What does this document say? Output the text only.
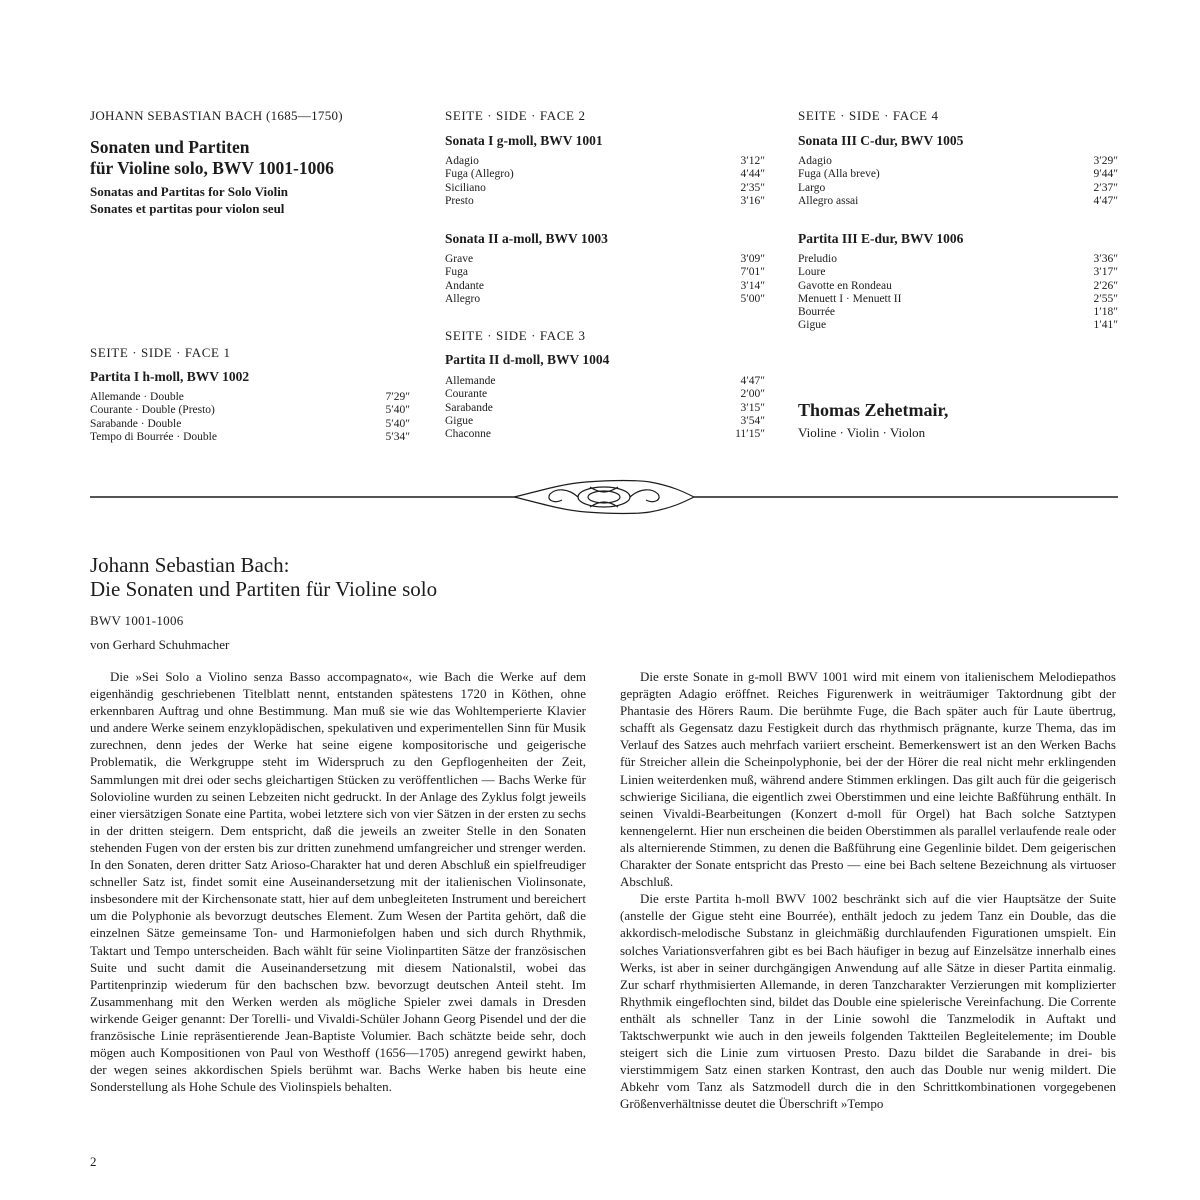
JOHANN SEBASTIAN BACH (1685—1750)
Sonaten und Partiten
für Violine solo, BWV 1001-1006
Sonatas and Partitas for Solo Violin
Sonates et partitas pour violon seul
SEITE · SIDE · FACE 1
Partita I h-moll, BWV 1002
Allemande · Double	7′29″
Courante · Double (Presto)	5′40″
Sarabande · Double	5′40″
Tempo di Bourrée · Double	5′34″
SEITE · SIDE · FACE 2
Sonata I g-moll, BWV 1001
Adagio	3′12″
Fuga (Allegro)	4′44″
Siciliano	2′35″
Presto	3′16″
Sonata II a-moll, BWV 1003
Grave	3′09″
Fuga	7′01″
Andante	3′14″
Allegro	5′00″
SEITE · SIDE · FACE 3
Partita II d-moll, BWV 1004
Allemande	4′47″
Courante	2′00″
Sarabande	3′15″
Gigue	3′54″
Chaconne	11′15″
SEITE · SIDE · FACE 4
Sonata III C-dur, BWV 1005
Adagio	3′29″
Fuga (Alla breve)	9′44″
Largo	2′37″
Allegro assai	4′47″
Partita III E-dur, BWV 1006
Preludio	3′36″
Loure	3′17″
Gavotte en Rondeau	2′26″
Menuett I · Menuett II	2′55″
Bourrée	1′18″
Gigue	1′41″
Thomas Zehetmair,
Violine · Violin · Violon
Johann Sebastian Bach:
Die Sonaten und Partiten für Violine solo
BWV 1001-1006
von Gerhard Schuhmacher

Die »Sei Solo a Violino senza Basso accompagnato«, wie Bach die Werke auf dem eigenhändig geschriebenen Titelblatt nennt, entstanden spätestens 1720 in Köthen, ohne erkennbaren Auftrag und ohne Bestimmung. Man muß sie wie das Wohltemperierte Klavier und andere Werke seinem enzyklopädischen, spekulativen und experimentellen Sinn für Musik zurechnen, denn jedes der Werke hat seine eigene kompositorische und geigerische Problematik, die Werkgruppe steht im Widerspruch zu den Gepflogenheiten der Zeit, Sammlungen mit drei oder sechs gleichartigen Stücken zu veröffentlichen — Bachs Werke für Solovioline wurden zu seinen Lebzeiten nicht gedruckt. In der Anlage des Zyklus folgt jeweils einer viersätzigen Sonate eine Partita, wobei letztere sich von vier Sätzen in der ersten zu sechs in der dritten steigern. Dem entspricht, daß die jeweils an zweiter Stelle in den Sonaten stehenden Fugen von der ersten bis zur dritten zunehmend umfangreicher und strenger werden. In den Sonaten, deren dritter Satz Arioso-Charakter hat und deren Abschluß ein spielfreudiger schneller Satz ist, findet somit eine Auseinandersetzung mit der italienischen Violinsonate, insbesondere mit der Kirchensonate statt, hier auf dem unbegleiteten Instrument und bereichert um die Polyphonie als bevorzugt deutsches Element. Zum Wesen der Partita gehört, daß die einzelnen Sätze gemeinsame Ton- und Harmoniefolgen haben und sich durch Rhythmik, Taktart und Tempo unterscheiden. Bach wählt für seine Violinpartiten Sätze der französischen Suite und sucht damit die Auseinandersetzung mit diesem Nationalstil, wobei das Partitenprinzip wiederum für den bachschen bzw. bevorzugt deutschen Anteil steht. Im Zusammenhang mit den Werken werden als mögliche Spieler zwei damals in Dresden wirkende Geiger genannt: Der Torelli- und Vivaldi-Schüler Johann Georg Pisendel und der die französische Linie repräsentierende Jean-Baptiste Volumier. Bach schätzte beide sehr, doch mögen auch Kompositionen von Paul von Westhoff (1656—1705) anregend gewirkt haben, der wegen seines akkordischen Spiels berühmt war. Bachs Werke haben bis heute eine Sonderstellung als Hohe Schule des Violinspiels behalten.

Die erste Sonate in g-moll BWV 1001 wird mit einem von italienischem Melodiepathos geprägten Adagio eröffnet. Reiches Figurenwerk in weiträumiger Taktordnung gibt der Phantasie des Hörers Raum. Die berühmte Fuge, die Bach später auch für Laute übertrug, schafft als Gegensatz dazu Festigkeit durch das rhythmisch prägnante, kurze Thema, das im Verlauf des Satzes auch mehrfach variiert erscheint. Bemerkenswert ist an den Werken Bachs für Streicher allein die Scheinpolyphonie, bei der der Hörer die real nicht mehr erklingenden Linien weiterdenken muß, während andere Stimmen erklingen. Das gilt auch für die geigerisch schwierige Siciliana, die eigentlich zwei Oberstimmen und eine leichte Baßführung enthält. In seinen Vivaldi-Bearbeitungen (Konzert d-moll für Orgel) hat Bach solche Satztypen kennengelernt. Hier nun erscheinen die beiden Oberstimmen als parallel verlaufende reale oder als alternierende Stimmen, zu denen die Baßführung eine Gegenlinie bildet. Dem geigerischen Charakter der Sonate entspricht das Presto — eine bei Bach seltene Bezeichnung als virtuoser Abschluß.

Die erste Partita h-moll BWV 1002 beschränkt sich auf die vier Hauptsätze der Suite (anstelle der Gigue steht eine Bourrée), enthält jedoch zu jedem Tanz ein Double, das die akkordisch-melodische Substanz in gleichmäßig durchlaufenden Figurationen umspielt. Ein solches Variationsverfahren gibt es bei Bach häufiger in bezug auf Einzelsätze innerhalb eines Werks, ist aber in seiner durchgängigen Anwendung auf alle Sätze in dieser Partita einmalig. Zur scharf rhythmisierten Allemande, in deren Tanzcharakter Verzierungen mit komplizierter Rhythmik eingeflochten sind, bildet das Double eine spielerische Vereinfachung. Die Corrente enthält als schneller Tanz in der Linie sowohl die Tanzmelodik in Auftakt und Taktschwerpunkt wie auch in den jeweils folgenden Taktteilen Begleitelemente; im Double steigert sich die Linie zum virtuosen Presto. Dazu bildet die Sarabande in drei- bis vierstimmigem Satz einen starken Kontrast, den auch das Double nur wenig mildert. Die Abkehr vom Tanz als Satzmodell durch die in den Schrittkombinationen vorgegebenen Größenverhältnisse deutet die Überschrift »Tempo

2
